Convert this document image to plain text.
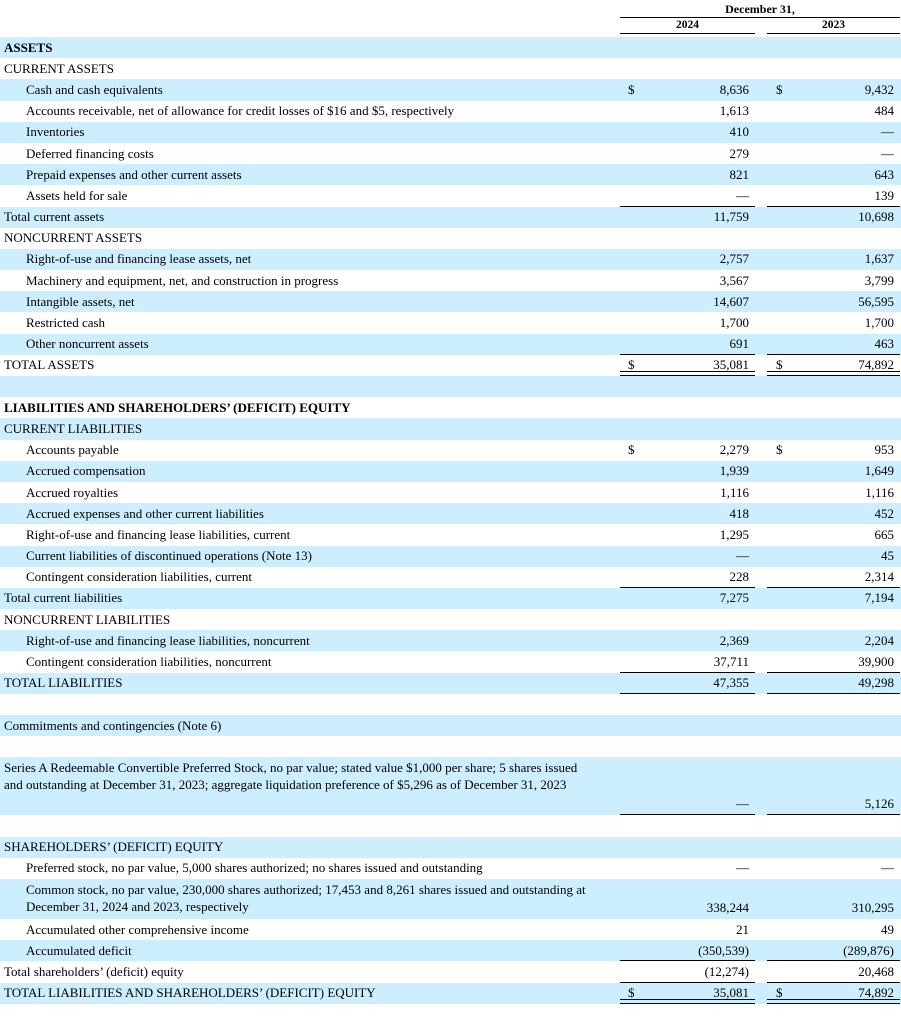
December 31,
2024	2023
ASSETS
CURRENT ASSETS
Cash and cash equivalents	$	8,636	$	9,432
Accounts receivable, net of allowance for credit losses of $16 and $5, respectively	1,613	484
Inventories	410	—
Deferred financing costs	279	—
Prepaid expenses and other current assets	821	643
Assets held for sale	—	139
Total current assets	11,759	10,698
NONCURRENT ASSETS
Right-of-use and financing lease assets, net	2,757	1,637
Machinery and equipment, net, and construction in progress	3,567	3,799
Intangible assets, net	14,607	56,595
Restricted cash	1,700	1,700
Other noncurrent assets	691	463
TOTAL ASSETS	$	35,081	$	74,892
LIABILITIES AND SHAREHOLDERS’ (DEFICIT) EQUITY
CURRENT LIABILITIES
Accounts payable	$	2,279	$	953
Accrued compensation	1,939	1,649
Accrued royalties	1,116	1,116
Accrued expenses and other current liabilities	418	452
Right-of-use and financing lease liabilities, current	1,295	665
Current liabilities of discontinued operations (Note 13)	—	45
Contingent consideration liabilities, current	228	2,314
Total current liabilities	7,275	7,194
NONCURRENT LIABILITIES
Right-of-use and financing lease liabilities, noncurrent	2,369	2,204
Contingent consideration liabilities, noncurrent	37,711	39,900
TOTAL LIABILITIES	47,355	49,298
Commitments and contingencies (Note 6)
Series A Redeemable Convertible Preferred Stock, no par value; stated value $1,000 per share; 5 shares issued and outstanding at December 31, 2023; aggregate liquidation preference of $5,296 as of December 31, 2023
—	5,126
SHAREHOLDERS’ (DEFICIT) EQUITY
Preferred stock, no par value, 5,000 shares authorized; no shares issued and outstanding	—	—
Common stock, no par value, 230,000 shares authorized; 17,453 and 8,261 shares issued and outstanding at December 31, 2024 and 2023, respectively	338,244	310,295
Accumulated other comprehensive income	21	49
Accumulated deficit	(350,539)	(289,876)
Total shareholders’ (deficit) equity	(12,274)	20,468
TOTAL LIABILITIES AND SHAREHOLDERS’ (DEFICIT) EQUITY	$	35,081	$	74,892
